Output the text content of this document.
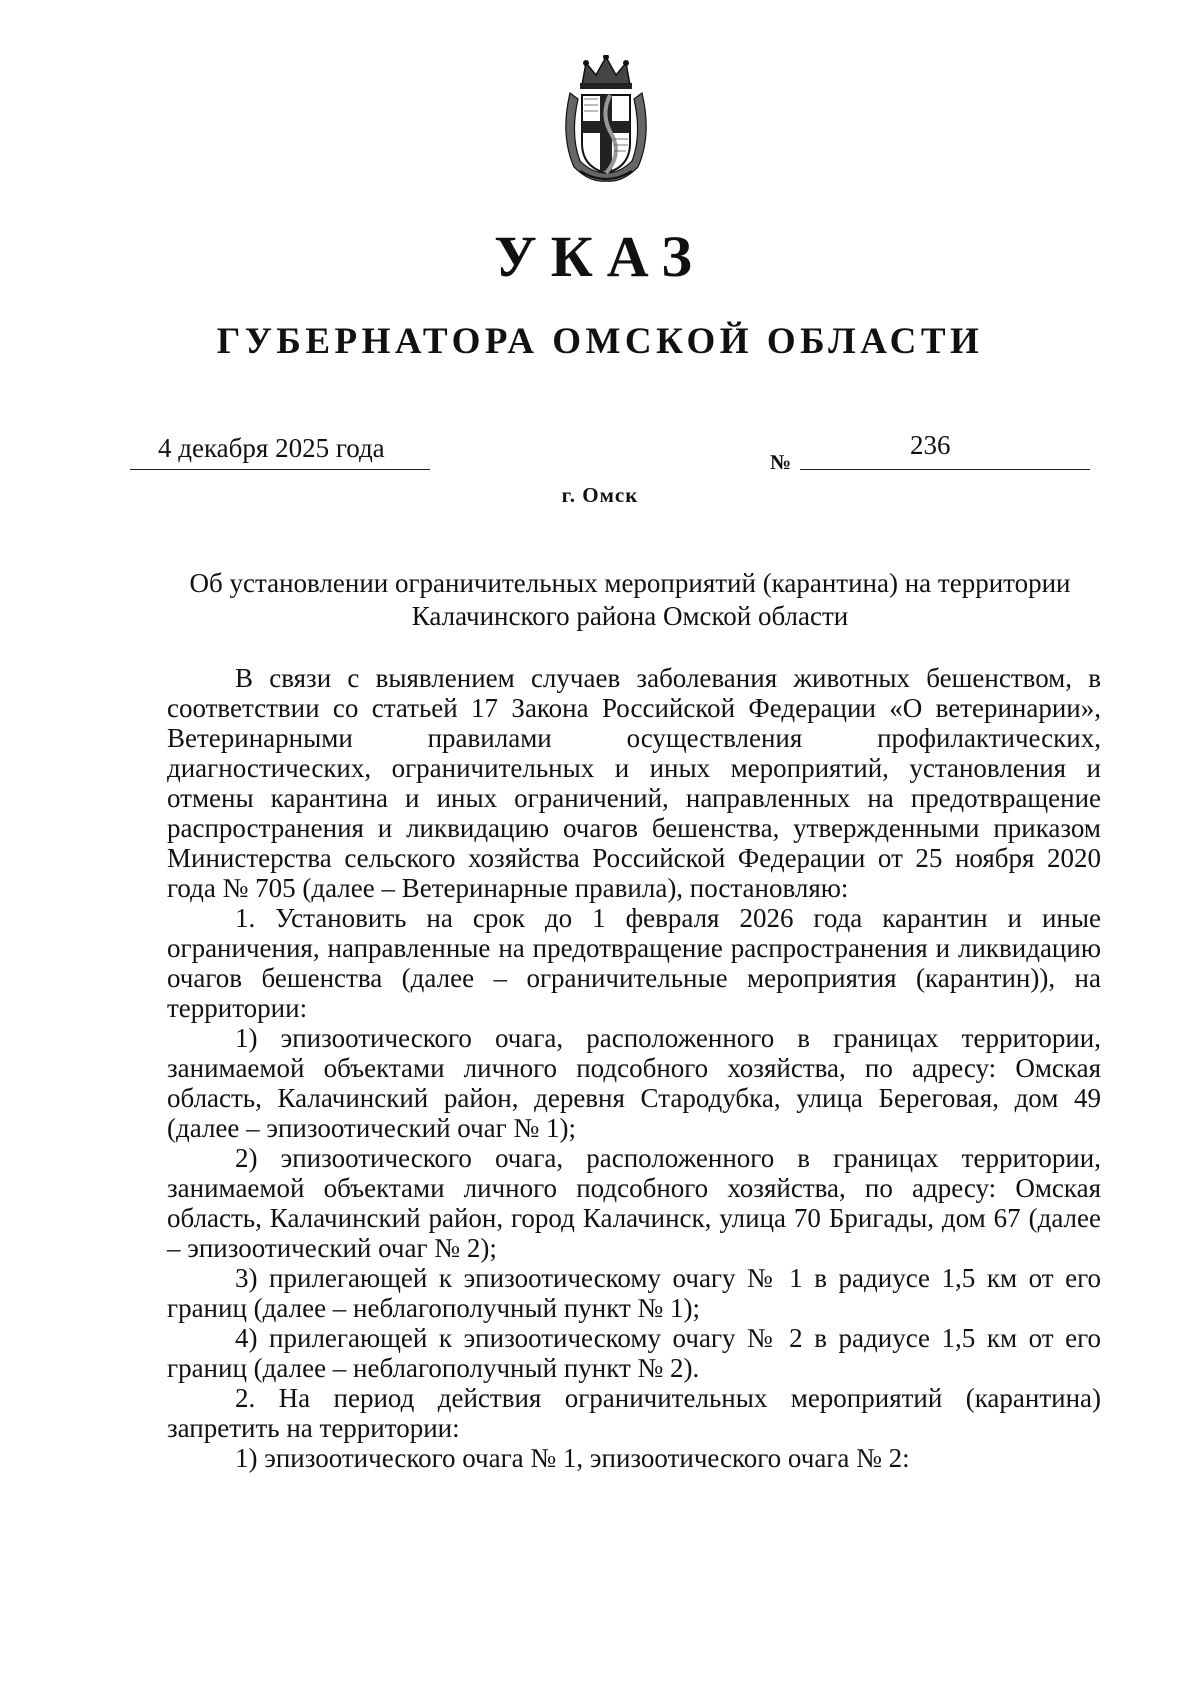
УКАЗ
ГУБЕРНАТОРА ОМСКОЙ ОБЛАСТИ
4 декабря 2025 года	№
236
г. Омск
Об установлении ограничительных мероприятий (карантина) на территории
Калачинского района Омской области

В связи с выявлением случаев заболевания животных бешенством, в соответствии со статьей 17 Закона Российской Федерации «О ветеринарии», Ветеринарными правилами осуществления профилактических, диагностических, ограничительных и иных мероприятий, установления и отмены карантина и иных ограничений, направленных на предотвращение распространения и ликвидацию очагов бешенства, утвержденными приказом Министерства сельского хозяйства Российской Федерации от 25 ноября 2020 года № 705 (далее – Ветеринарные правила), постановляю:

1. Установить на срок до 1 февраля 2026 года карантин и иные ограничения, направленные на предотвращение распространения и ликвидацию очагов бешенства (далее – ограничительные мероприятия (карантин)), на территории:

1) эпизоотического очага, расположенного в границах территории, занимаемой объектами личного подсобного хозяйства, по адресу: Омская область, Калачинский район, деревня Стародубка, улица Береговая, дом 49 (далее – эпизоотический очаг № 1);

2) эпизоотического очага, расположенного в границах территории, занимаемой объектами личного подсобного хозяйства, по адресу: Омская область, Калачинский район, город Калачинск, улица 70 Бригады, дом 67 (далее – эпизоотический очаг № 2);

3) прилегающей к эпизоотическому очагу № 1 в радиусе 1,5 км от его границ (далее – неблагополучный пункт № 1);

4) прилегающей к эпизоотическому очагу № 2 в радиусе 1,5 км от его границ (далее – неблагополучный пункт № 2).

2. На период действия ограничительных мероприятий (карантина) запретить на территории:

1) эпизоотического очага № 1, эпизоотического очага № 2:
